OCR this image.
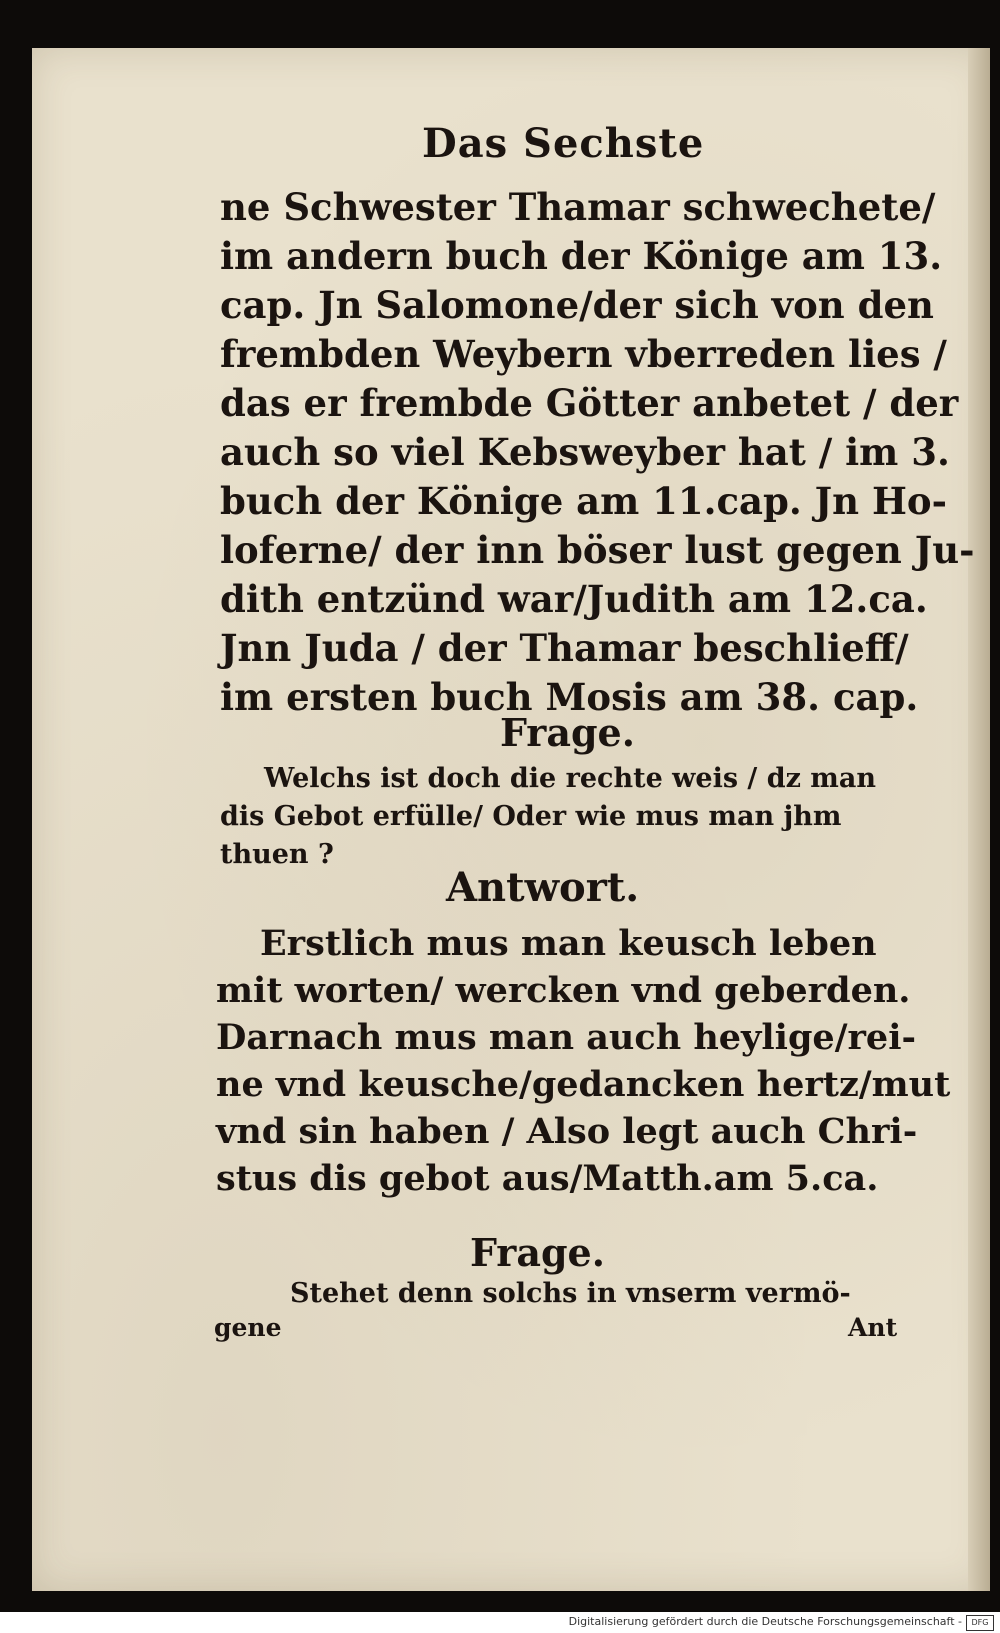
Das Sechste
ne Schwester Thamar schwechete/
im andern buch der Könige am 13.
cap. Jn Salomone/der sich von den
frembden Weybern vberreden lies /
das er frembde Götter anbetet / der
auch so viel Kebsweyber hat / im 3.
buch der Könige am 11.cap. Jn Ho-
loferne/ der inn böser lust gegen Ju-
dith entzünd war/Judith am 12.ca.
Jnn Juda / der Thamar beschlieff/
im ersten buch Mosis am 38. cap.
Frage.
Welchs ist doch die rechte weis / dz man
dis Gebot erfülle/ Oder wie mus man jhm
thuen ?
Antwort.
Erstlich mus man keusch leben
mit worten/ wercken vnd geberden.
Darnach mus man auch heylige/rei-
ne vnd keusche/gedancken hertz/mut
vnd sin haben / Also legt auch Chri-
stus dis gebot aus/Matth.am 5.ca.
Frage.
Stehet denn solchs in vnserm vermö-
gene	Ant
Digitalisierung gefördert durch die Deutsche Forschungsgemeinschaft -	DFG
